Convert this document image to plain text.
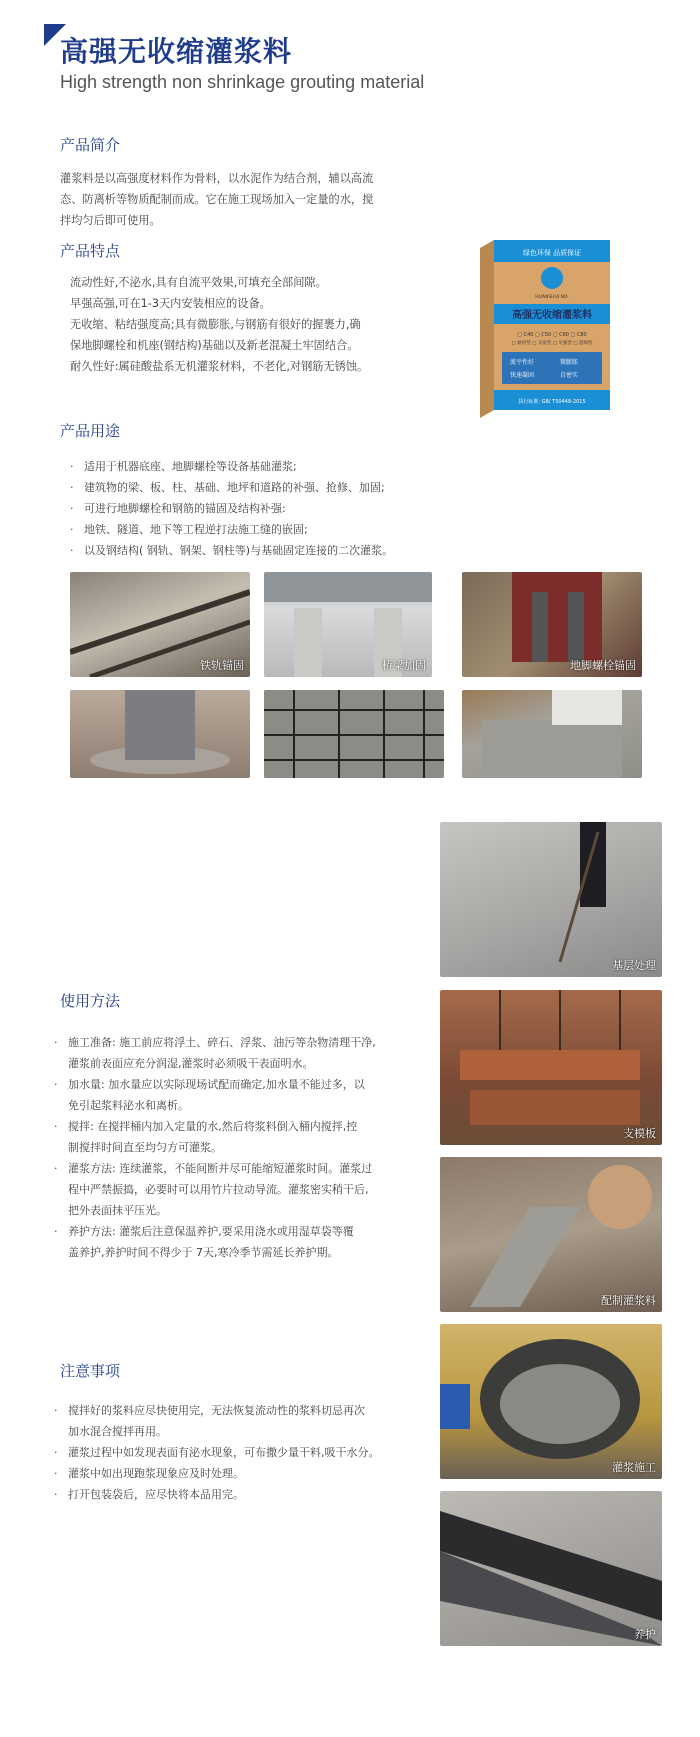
高强无收缩灌浆料
High strength non shrinkage grouting material
产品简介

灌浆料是以高强度材料作为骨料，以水泥作为结合剂，辅以高流

态、防离析等物质配制而成。它在施工现场加入一定量的水，搅

拌均匀后即可使用。

产品特点

流动性好,不泌水,具有自流平效果,可填充全部间隙。

早强高强,可在1-3天内安装相应的设备。

无收缩、粘结强度高;具有微膨胀,与钢筋有很好的握裹力,确

保地脚螺栓和机座(钢结构)基础以及新老混凝土牢固结合。

耐久性好:属硅酸盐系无机灌浆材料，不老化,对钢筋无锈蚀。

绿色环保 品质保证
HUANSHUI NO.
高强无收缩灌浆料
□ C40 □ C50 □ C60 □ C80
□ 通用型 □ 支座型 □ 早强型 □ 超细型
流平性好	微膨胀
快速凝固	自密实
执行标准: GB/ T50448-2015
产品用途
· 适用于机器底座、地脚螺栓等设备基础灌浆;
· 建筑物的梁、板、柱、基础、地坪和道路的补强、抢修、加固;
· 可进行地脚螺栓和钢筋的锚固及结构补强:
· 地铁、隧道、地下等工程逆打法施工缝的嵌固;
· 以及钢结构( 钢轨、钢架、钢柱等)与基础固定连接的二次灌浆。
铁轨锚固	桥梁加固	地脚螺栓锚固
使用方法
· 施工准备: 施工前应将浮土、碎石、浮浆、油污等杂物清理干净,
灌浆前表面应充分润湿,灌浆时必须吸干表面明水。
· 加水量: 加水量应以实际现场试配而确定,加水量不能过多，以
免引起浆料泌水和离析。
· 搅拌: 在搅拌桶内加入定量的水,然后将浆料倒入桶内搅拌,控
制搅拌时间直至均匀方可灌浆。
· 灌浆方法: 连续灌浆，不能间断并尽可能缩短灌浆时间。灌浆过
程中严禁振捣，必要时可以用竹片拉动导流。灌浆密实稍干后,
把外表面抹平压光。
· 养护方法: 灌浆后注意保温养护,要采用浇水或用湿草袋等覆
盖养护,养护时间不得少于 7天,寒冷季节需延长养护期。
注意事项
· 搅拌好的浆料应尽快使用完，无法恢复流动性的浆料切忌再次
加水混合搅拌再用。
· 灌浆过程中如发现表面有泌水现象，可布撒少量干料,吸干水分。
· 灌浆中如出现跑浆现象应及时处理。
· 打开包装袋后，应尽快将本品用完。
基层处理
支模板
配制灌浆料
灌浆施工
养护
